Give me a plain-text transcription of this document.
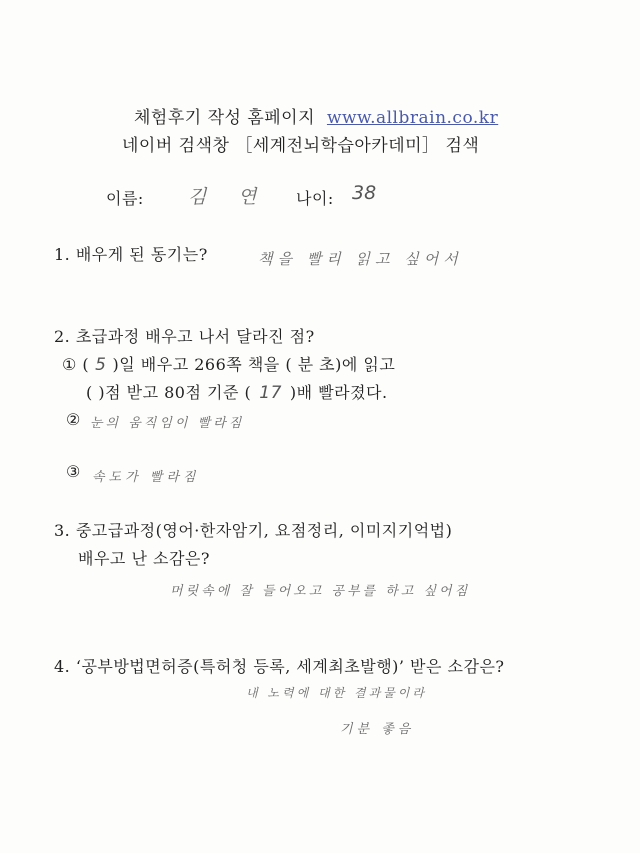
체험후기 작성 홈페이지 www.allbrain.co.kr
네이버 검색창 ［세계전뇌학습아카데미］ 검색
이름: 김 연 나이: 38
1. 배우게 된 동기는?	책을 빨리 읽고 싶어서
2. 초급과정 배우고 나서 달라진 점?
① ( 5 )일 배우고 266쪽 책을 ( 분 초)에 읽고
( )점 받고 80점 기준 ( 17 )배 빨라졌다.
② 눈의 움직임이 빨라짐
③ 속도가 빨라짐
3. 중고급과정(영어·한자암기, 요점정리, 이미지기억법)
배우고 난 소감은?
머릿속에 잘 들어오고 공부를 하고 싶어짐
4. ‘공부방법면허증(특허청 등록, 세계최초발행)’ 받은 소감은?
내 노력에 대한 결과물이라
기분 좋음
